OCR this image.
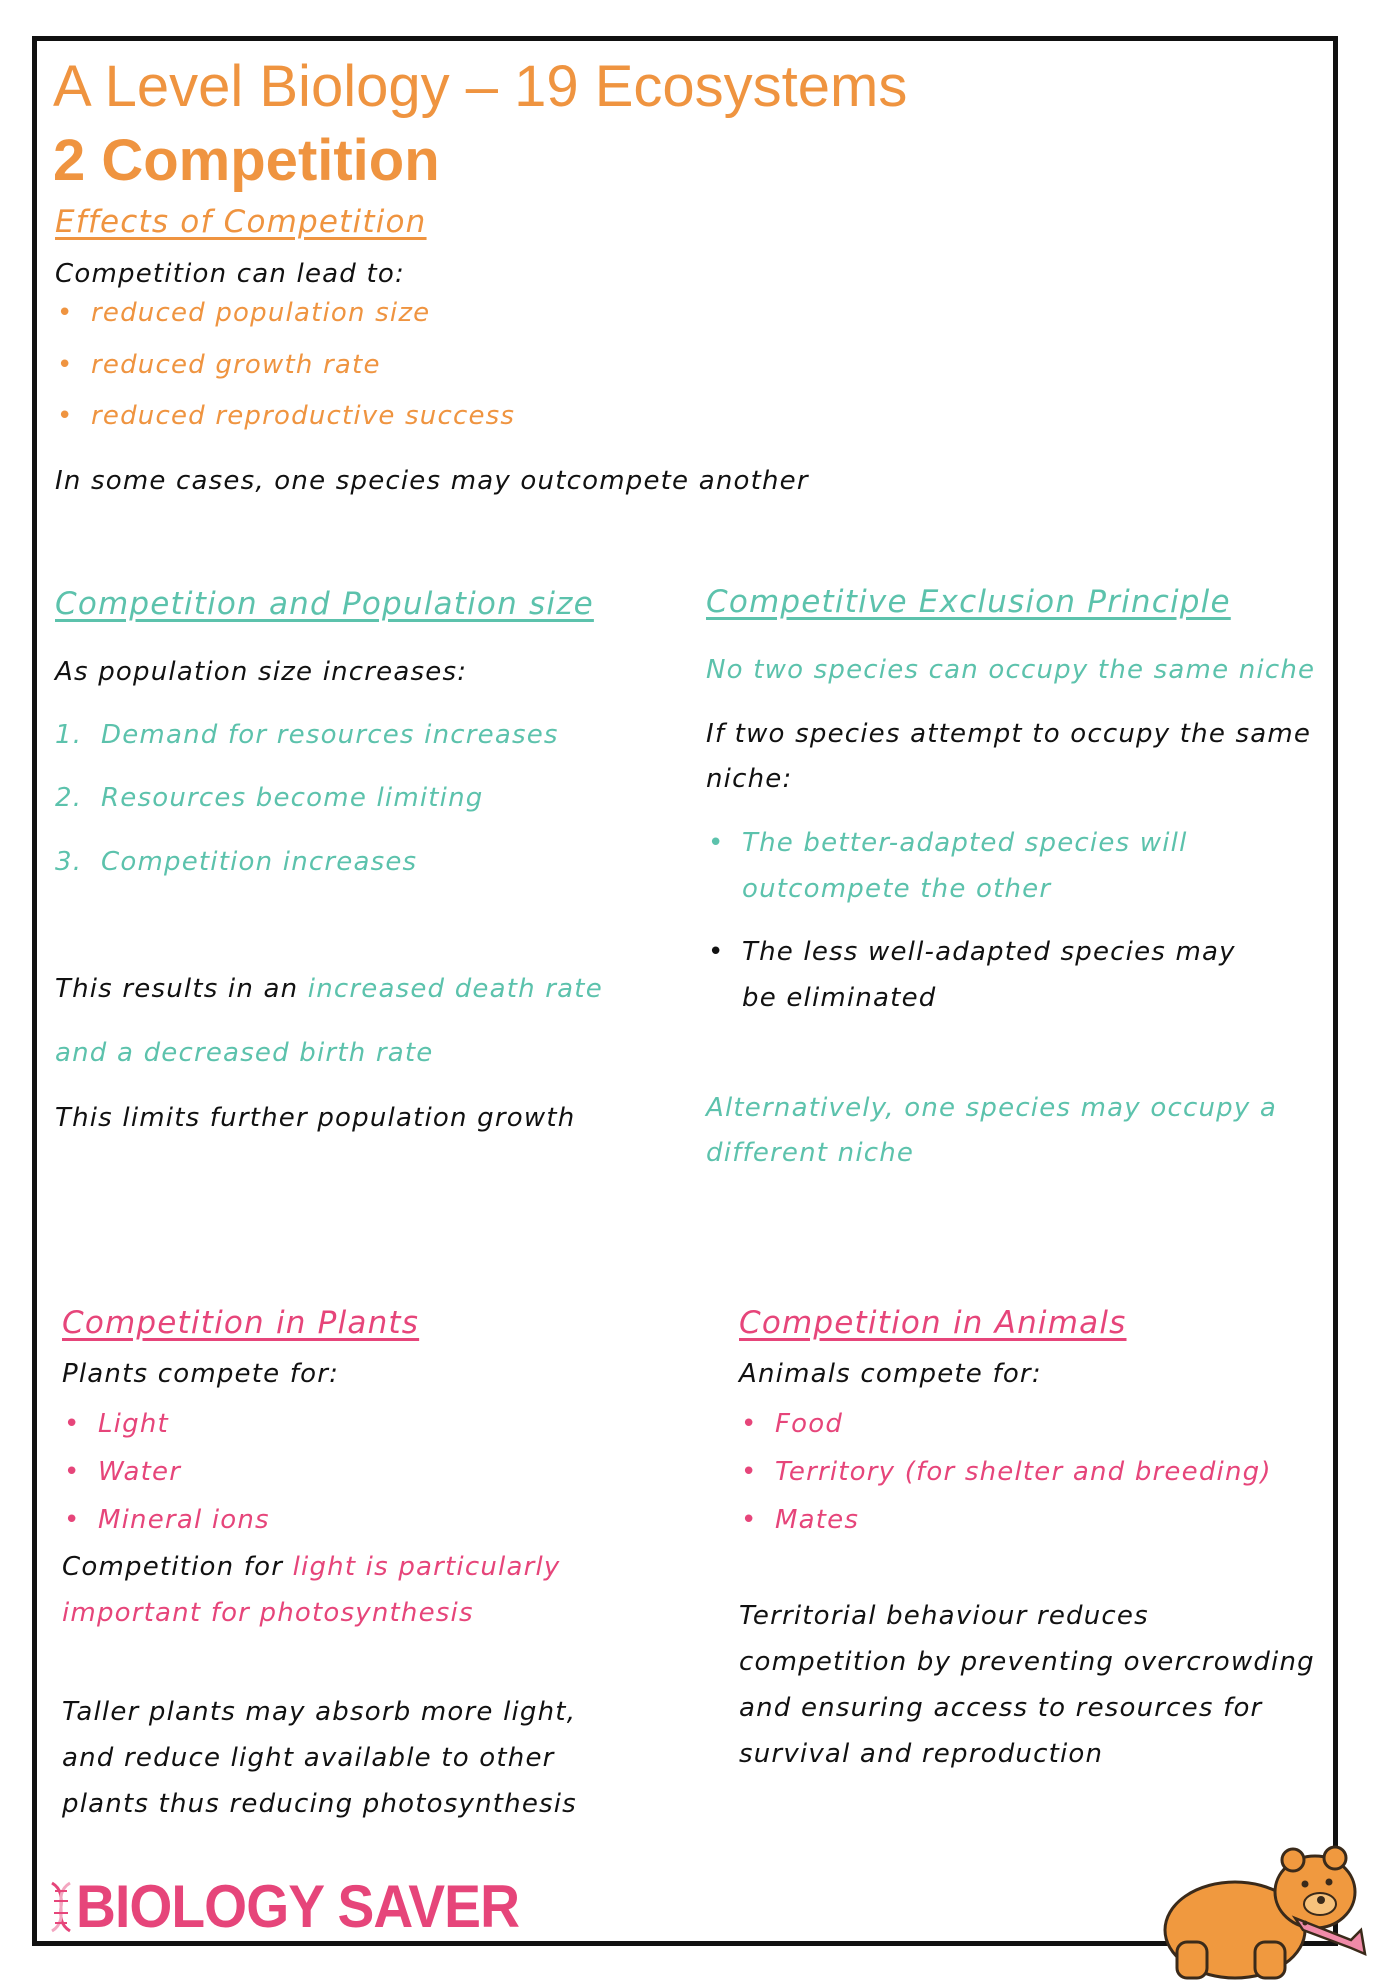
A Level Biology – 19 Ecosystems
2 Competition
Effects of Competition
Competition can lead to:
• reduced population size
• reduced growth rate
• reduced reproductive success
In some cases, one species may outcompete another
Competition and Population size
As population size increases:
1. Demand for resources increases
2. Resources become limiting
3. Competition increases
This results in an increased death rate
and a decreased birth rate
This limits further population growth
Competitive Exclusion Principle
No two species can occupy the same niche
If two species attempt to occupy the same niche:
• The better-adapted species will outcompete the other
• The less well-adapted species may be eliminated
Alternatively, one species may occupy a different niche
Competition in Plants
Plants compete for:
• Light
• Water
• Mineral ions
Competition for light is particularly
important for photosynthesis
Taller plants may absorb more light,
and reduce light available to other
plants thus reducing photosynthesis
Competition in Animals
Animals compete for:
• Food
• Territory (for shelter and breeding)
• Mates
Territorial behaviour reduces
competition by preventing overcrowding
and ensuring access to resources for
survival and reproduction
BIOLOGY SAVER
